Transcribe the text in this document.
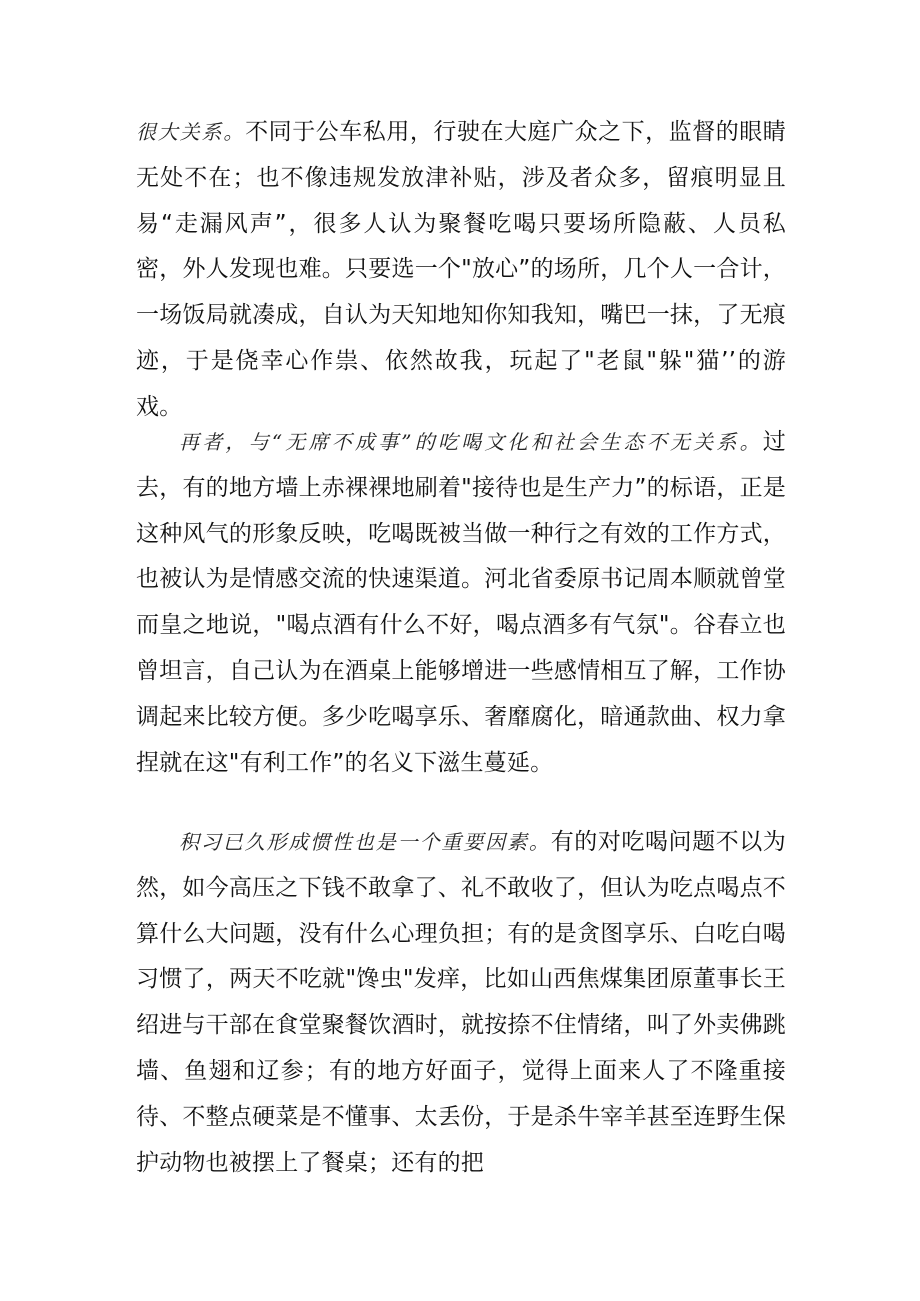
很大关系。不同于公车私用，行驶在大庭广众之下，监督的眼睛无处不在；也不像违规发放津补贴，涉及者众多，留痕明显且易“走漏风声”，很多人认为聚餐吃喝只要场所隐蔽、人员私密，外人发现也难。只要选一个"放心”的场所，几个人一合计，一场饭局就凑成，自认为天知地知你知我知，嘴巴一抹，了无痕迹，于是侥幸心作祟、依然故我，玩起了"老鼠"躲"猫’’的游戏。

再者，与“无席不成事”的吃喝文化和社会生态不无关系。过去，有的地方墙上赤裸裸地刷着"接待也是生产力”的标语，正是这种风气的形象反映，吃喝既被当做一种行之有效的工作方式，也被认为是情感交流的快速渠道。河北省委原书记周本顺就曾堂而皇之地说，"喝点酒有什么不好，喝点酒多有气氛"。谷春立也曾坦言，自己认为在酒桌上能够增进一些感情相互了解，工作协调起来比较方便。多少吃喝享乐、奢靡腐化，暗通款曲、权力拿捏就在这"有利工作”的名义下滋生蔓延。

积习已久形成惯性也是一个重要因素。有的对吃喝问题不以为然，如今高压之下钱不敢拿了、礼不敢收了，但认为吃点喝点不算什么大问题，没有什么心理负担；有的是贪图享乐、白吃白喝习惯了，两天不吃就"馋虫"发痒，比如山西焦煤集团原董事长王绍进与干部在食堂聚餐饮酒时，就按捺不住情绪，叫了外卖佛跳墙、鱼翅和辽参；有的地方好面子，觉得上面来人了不隆重接待、不整点硬菜是不懂事、太丢份，于是杀牛宰羊甚至连野生保护动物也被摆上了餐桌；还有的把
